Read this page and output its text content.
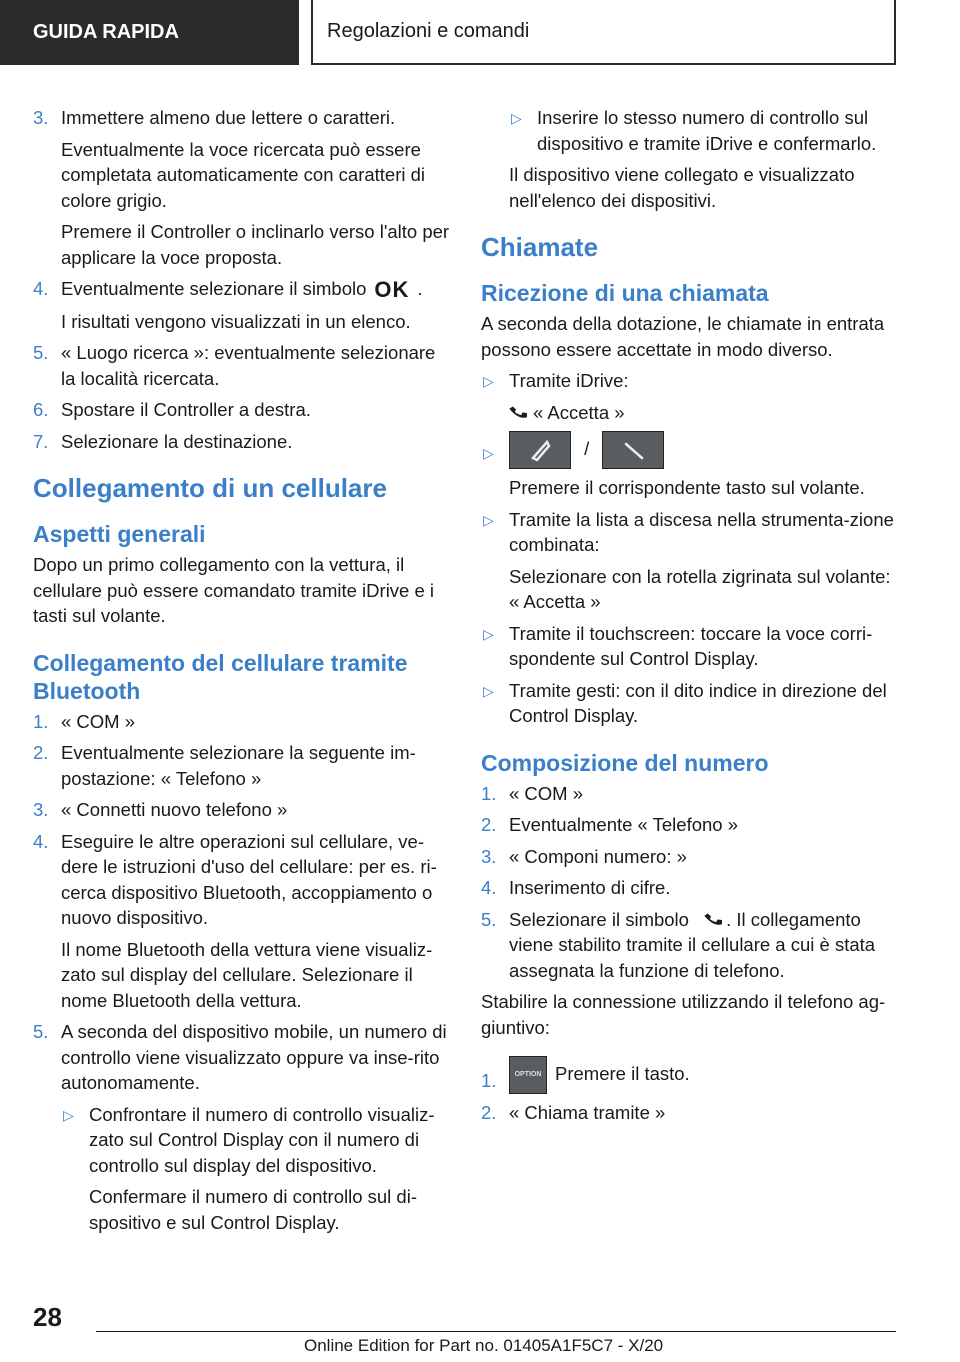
GUIDA RAPIDA	Regolazioni e comandi
3. Immettere almeno due lettere o caratteri.
Eventualmente la voce ricercata può essere completata automaticamente con caratteri di colore grigio.
Premere il Controller o inclinarlo verso l'alto per applicare la voce proposta.
4. Eventualmente selezionare il simbolo OK .
I risultati vengono visualizzati in un elenco.
5. « Luogo ricerca »: eventualmente selezionare la località ricercata.
6. Spostare il Controller a destra.
7. Selezionare la destinazione.
Collegamento di un cellulare
Aspetti generali
Dopo un primo collegamento con la vettura, il cellulare può essere comandato tramite iDrive e i tasti sul volante.
Collegamento del cellulare tramite Bluetooth
1. « COM »
2. Eventualmente selezionare la seguente im-postazione: « Telefono »
3. « Connetti nuovo telefono »
4. Eseguire le altre operazioni sul cellulare, ve-dere le istruzioni d'uso del cellulare: per es. ri-cerca dispositivo Bluetooth, accoppiamento o nuovo dispositivo.
Il nome Bluetooth della vettura viene visualiz-zato sul display del cellulare. Selezionare il nome Bluetooth della vettura.
5. A seconda del dispositivo mobile, un numero di controllo viene visualizzato oppure va inse-rito autonomamente.
▷ Confrontare il numero di controllo visualiz-zato sul Control Display con il numero di controllo sul display del dispositivo.
Confermare il numero di controllo sul di-spositivo e sul Control Display.
▷ Inserire lo stesso numero di controllo sul dispositivo e tramite iDrive e confermarlo.
Il dispositivo viene collegato e visualizzato nell'elenco dei dispositivi.
Chiamate
Ricezione di una chiamata
A seconda della dotazione, le chiamate in entrata possono essere accettate in modo diverso.
▷ Tramite iDrive:
« Accetta »
▷	/
Premere il corrispondente tasto sul volante.
▷ Tramite la lista a discesa nella strumenta-zione combinata:
Selezionare con la rotella zigrinata sul volante: « Accetta »
▷ Tramite il touchscreen: toccare la voce corri-spondente sul Control Display.
▷ Tramite gesti: con il dito indice in direzione del Control Display.
Composizione del numero
1. « COM »
2. Eventualmente « Telefono »
3. « Componi numero: »
4. Inserimento di cifre.
5. Selezionare il simbolo . Il collegamento viene stabilito tramite il cellulare a cui è stata assegnata la funzione di telefono.
Stabilire la connessione utilizzando il telefono ag-giuntivo:
1.	OPTION Premere il tasto.
2. « Chiama tramite »
28
Online Edition for Part no. 01405A1F5C7 - X/20
